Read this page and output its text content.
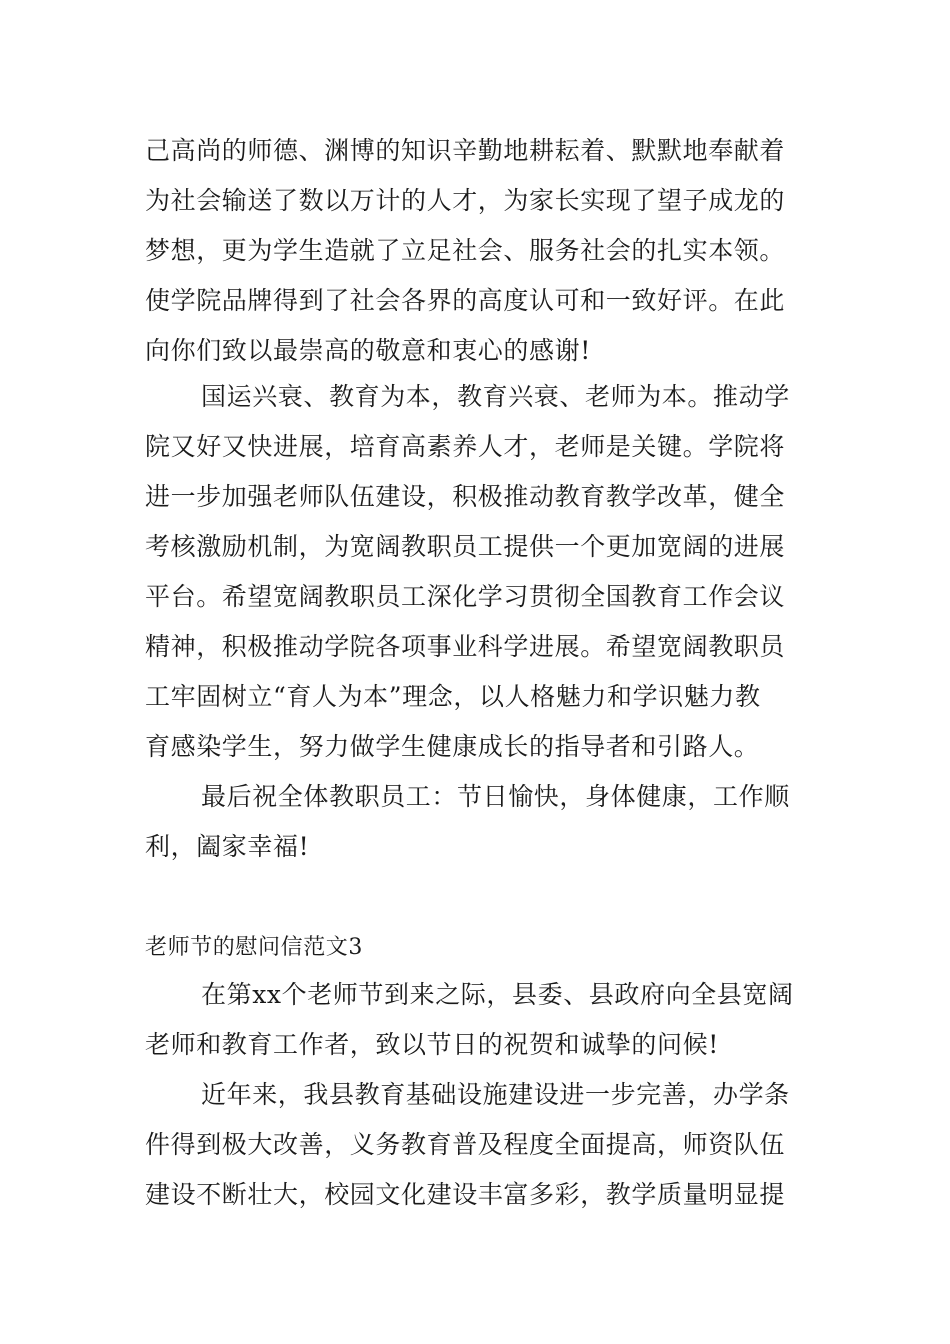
己高尚的师德、渊博的知识辛勤地耕耘着、默默地奉献着
为社会输送了数以万计的人才，为家长实现了望子成龙的
梦想，更为学生造就了立足社会、服务社会的扎实本领。
使学院品牌得到了社会各界的高度认可和一致好评。在此
向你们致以最崇高的敬意和衷心的感谢!

国运兴衰、教育为本，教育兴衰、老师为本。推动学
院又好又快进展，培育高素养人才，老师是关键。学院将
进一步加强老师队伍建设，积极推动教育教学改革，健全
考核激励机制，为宽阔教职员工提供一个更加宽阔的进展
平台。希望宽阔教职员工深化学习贯彻全国教育工作会议
精神，积极推动学院各项事业科学进展。希望宽阔教职员
工牢固树立“育人为本”理念，以人格魅力和学识魅力教
育感染学生，努力做学生健康成长的指导者和引路人。

最后祝全体教职员工：节日愉快，身体健康，工作顺
利，阖家幸福!

老师节的慰问信范文3

在第xx个老师节到来之际，县委、县政府向全县宽阔
老师和教育工作者，致以节日的祝贺和诚挚的问候!

近年来，我县教育基础设施建设进一步完善，办学条
件得到极大改善，义务教育普及程度全面提高，师资队伍
建设不断壮大，校园文化建设丰富多彩，教学质量明显提
